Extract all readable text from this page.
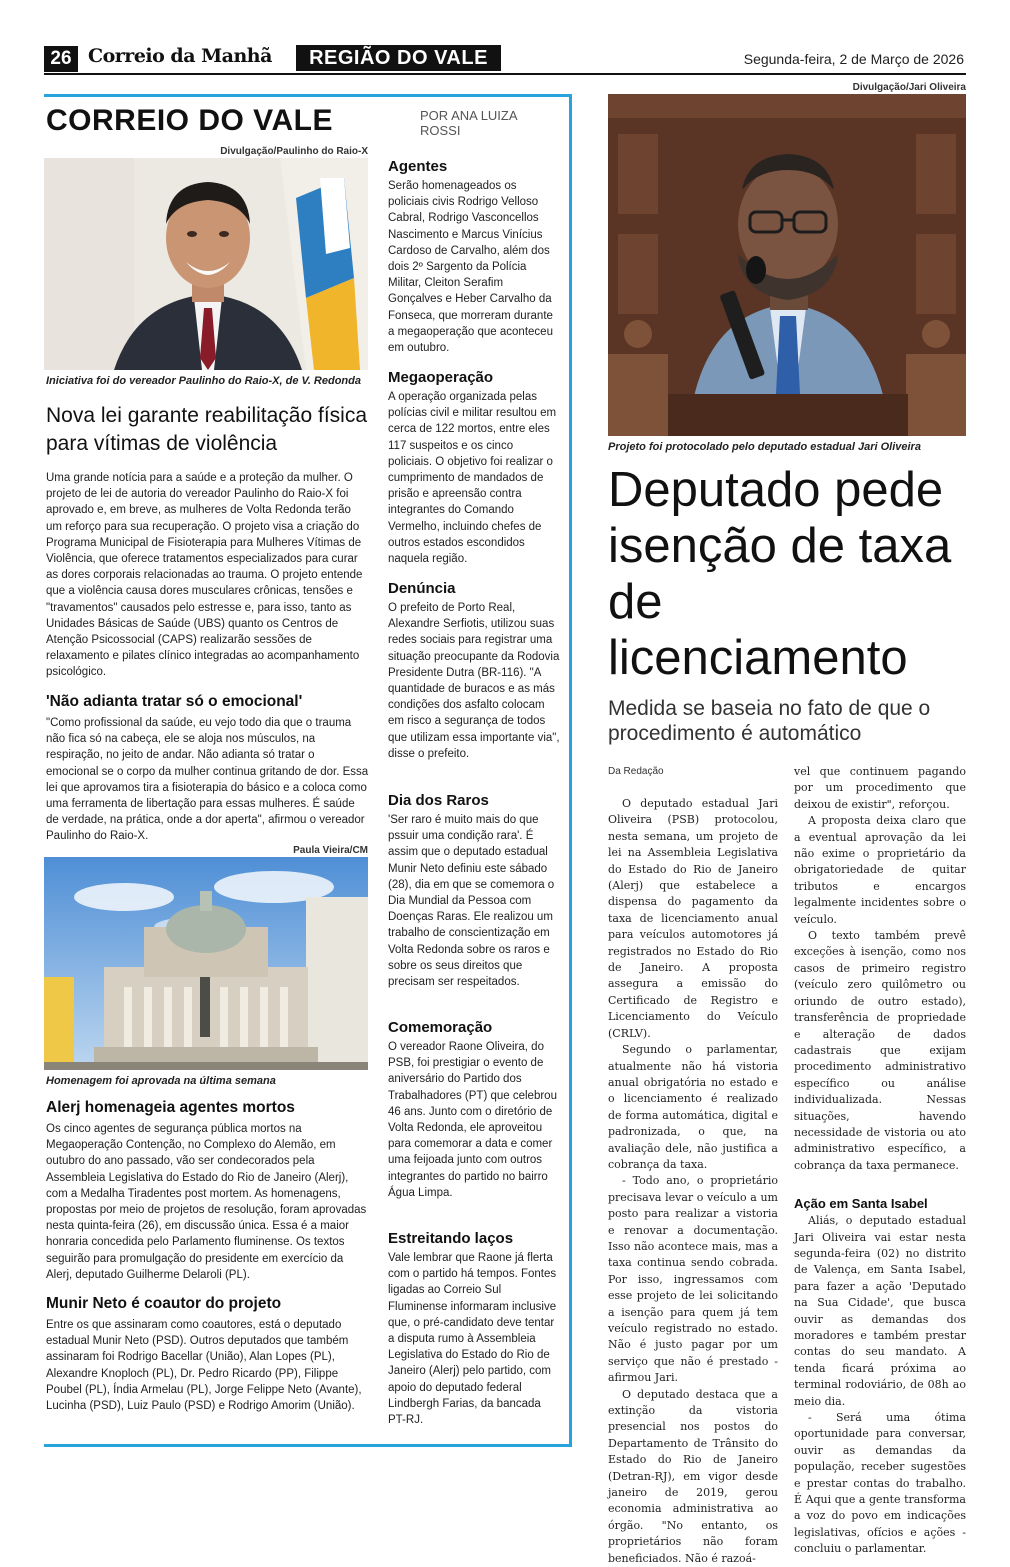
26 Correio da Manhã	REGIÃO DO VALE	Segunda-feira, 2 de Março de 2026
CORREIO DO VALE	POR ANA LUIZA ROSSI
Divulgação/Paulinho do Raio-X
Iniciativa foi do vereador Paulinho do Raio-X, de V. Redonda
Nova lei garante reabilitação física para vítimas de violência
Uma grande notícia para a saúde e a proteção da mulher. O projeto de lei de autoria do vereador Paulinho do Raio-X foi aprovado e, em breve, as mulheres de Volta Redonda terão um reforço para sua recuperação. O projeto visa a criação do Programa Municipal de Fisioterapia para Mulheres Vítimas de Violência, que oferece tratamentos especializados para curar as dores corporais relacionadas ao trauma. O projeto entende que a violência causa dores musculares crônicas, tensões e "travamentos" causados pelo estresse e, para isso, tanto as Unidades Básicas de Saúde (UBS) quanto os Centros de Atenção Psicossocial (CAPS) realizarão sessões de relaxamento e pilates clínico integradas ao acompanhamento psicológico.
'Não adianta tratar só o emocional'
"Como profissional da saúde, eu vejo todo dia que o trauma não fica só na cabeça, ele se aloja nos músculos, na respiração, no jeito de andar. Não adianta só tratar o emocional se o corpo da mulher continua gritando de dor. Essa lei que aprovamos tira a fisioterapia do básico e a coloca como uma ferramenta de libertação para essas mulheres. É saúde de verdade, na prática, onde a dor aperta", afirmou o vereador Paulinho do Raio-X.
Paula Vieira/CM
Homenagem foi aprovada na última semana
Alerj homenageia agentes mortos
Os cinco agentes de segurança pública mortos na Megaoperação Contenção, no Complexo do Alemão, em outubro do ano passado, vão ser condecorados pela Assembleia Legislativa do Estado do Rio de Janeiro (Alerj), com a Medalha Tiradentes post mortem. As homenagens, propostas por meio de projetos de resolução, foram aprovadas nesta quinta-feira (26), em discussão única. Essa é a maior honraria concedida pelo Parlamento fluminense. Os textos seguirão para promulgação do presidente em exercício da Alerj, deputado Guilherme Delaroli (PL).
Munir Neto é coautor do projeto
Entre os que assinaram como coautores, está o deputado estadual Munir Neto (PSD). Outros deputados que também assinaram foi Rodrigo Bacellar (União), Alan Lopes (PL), Alexandre Knoploch (PL), Dr. Pedro Ricardo (PP), Filippe Poubel (PL), Índia Armelau (PL), Jorge Felippe Neto (Avante), Lucinha (PSD), Luiz Paulo (PSD) e Rodrigo Amorim (União).
Agentes
Serão homenageados os policiais civis Rodrigo Velloso Cabral, Rodrigo Vasconcellos Nascimento e Marcus Vinícius Cardoso de Carvalho, além dos dois 2º Sargento da Polícia Militar, Cleiton Serafim Gonçalves e Heber Carvalho da Fonseca, que morreram durante a megaoperação que aconteceu em outubro.
Megaoperação
A operação organizada pelas polícias civil e militar resultou em cerca de 122 mortos, entre eles 117 suspeitos e os cinco policiais. O objetivo foi realizar o cumprimento de mandados de prisão e apreensão contra integrantes do Comando Vermelho, incluindo chefes de outros estados escondidos naquela região.
Denúncia
O prefeito de Porto Real, Alexandre Serfiotis, utilizou suas redes sociais para registrar uma situação preocupante da Rodovia Presidente Dutra (BR-116). "A quantidade de buracos e as más condições dos asfalto colocam em risco a segurança de todos que utilizam essa importante via", disse o prefeito.
Dia dos Raros
'Ser raro é muito mais do que pssuir uma condição rara'. É assim que o deputado estadual Munir Neto definiu este sábado (28), dia em que se comemora o Dia Mundial da Pessoa com Doenças Raras. Ele realizou um trabalho de conscientização em Volta Redonda sobre os raros e sobre os seus direitos que precisam ser respeitados.
Comemoração
O vereador Raone Oliveira, do PSB, foi prestigiar o evento de aniversário do Partido dos Trabalhadores (PT) que celebrou 46 ans. Junto com o diretório de Volta Redonda, ele aproveitou para comemorar a data e comer uma feijoada junto com outros integrantes do partido no bairro Água Limpa.
Estreitando laços
Vale lembrar que Raone já flerta com o partido há tempos. Fontes ligadas ao Correio Sul Fluminense informaram inclusive que, o pré-candidato deve tentar a disputa rumo à Assembleia Legislativa do Estado do Rio de Janeiro (Alerj) pelo partido, com apoio do deputado federal Lindbergh Farias, da bancada PT-RJ.
Divulgação/Jari Oliveira
Projeto foi protocolado pelo deputado estadual Jari Oliveira
Deputado pede isenção de taxa de licenciamento
Medida se baseia no fato de que o procedimento é automático
Da Redação

O deputado estadual Jari Oliveira (PSB) protocolou, nesta semana, um projeto de lei na Assembleia Legislativa do Estado do Rio de Janeiro (Alerj) que estabelece a dispensa do pagamento da taxa de licenciamento anual para veículos automotores já registrados no Estado do Rio de Janeiro. A proposta assegura a emissão do Certificado de Registro e Licenciamento do Veículo (CRLV).

Segundo o parlamentar, atualmente não há vistoria anual obrigatória no estado e o licenciamento é realizado de forma automática, digital e padronizada, o que, na avaliação dele, não justifica a cobrança da taxa.

- Todo ano, o proprietário precisava levar o veículo a um posto para realizar a vistoria e renovar a documentação. Isso não acontece mais, mas a taxa continua sendo cobrada. Por isso, ingressamos com esse projeto de lei solicitando a isenção para quem já tem veículo registrado no estado. Não é justo pagar por um serviço que não é prestado - afirmou Jari.

O deputado destaca que a extinção da vistoria presencial nos postos do Departamento de Trânsito do Estado do Rio de Janeiro (Detran-RJ), em vigor desde janeiro de 2019, gerou economia administrativa ao órgão. "No entanto, os proprietários não foram beneficiados. Não é razoá-

vel que continuem pagando por um procedimento que deixou de existir", reforçou.

A proposta deixa claro que a eventual aprovação da lei não exime o proprietário da obrigatoriedade de quitar tributos e encargos legalmente incidentes sobre o veículo.

O texto também prevê exceções à isenção, como nos casos de primeiro registro (veículo zero quilômetro ou oriundo de outro estado), transferência de propriedade e alteração de dados cadastrais que exijam procedimento administrativo específico ou análise individualizada. Nessas situações, havendo necessidade de vistoria ou ato administrativo específico, a cobrança da taxa permanece.

Ação em Santa Isabel

Aliás, o deputado estadual Jari Oliveira vai estar nesta segunda-feira (02) no distrito de Valença, em Santa Isabel, para fazer a ação 'Deputado na Sua Cidade', que busca ouvir as demandas dos moradores e também prestar contas do seu mandato. A tenda ficará próxima ao terminal rodoviário, de 08h ao meio dia.

- Será uma ótima oportunidade para conversar, ouvir as demandas da população, receber sugestões e prestar contas do trabalho. É Aqui que a gente transforma a voz do povo em indicações legislativas, ofícios e ações - concluiu o parlamentar.
